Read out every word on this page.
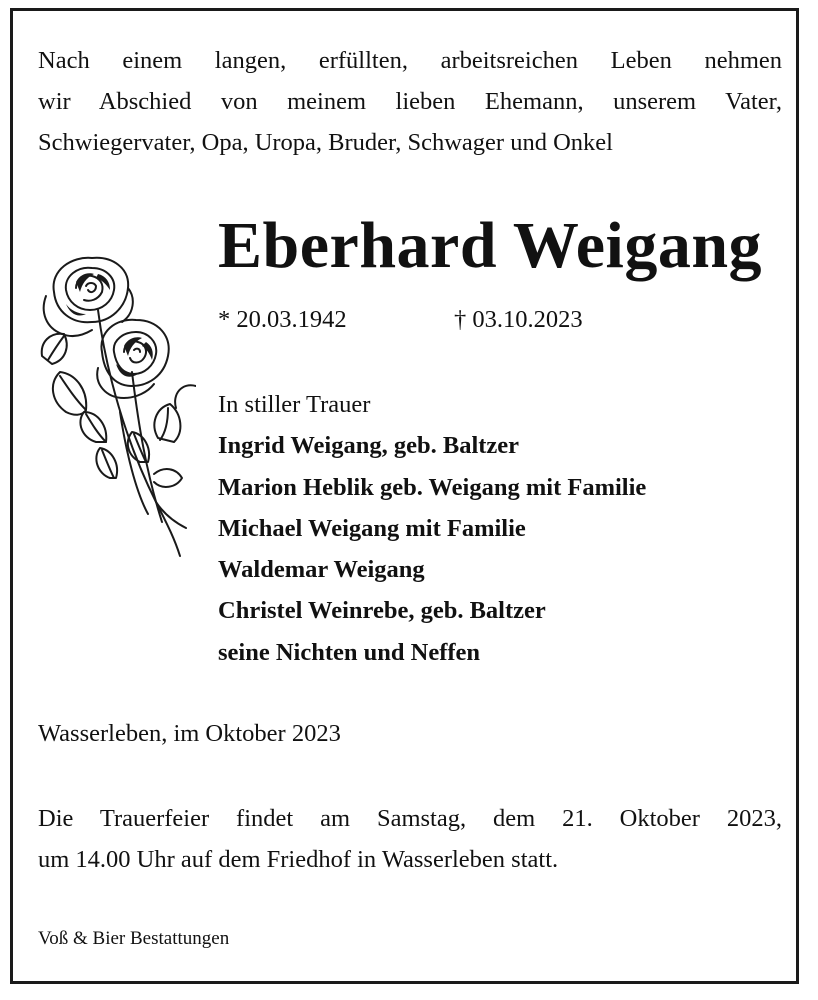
Nach einem langen, erfüllten, arbeitsreichen Leben nehmen
wir Abschied von meinem lieben Ehemann, unserem Vater,
Schwiegervater, Opa, Uropa, Bruder, Schwager und Onkel

Eberhard Weigang
* 20.03.1942	† 03.10.2023
In stiller Trauer
Ingrid Weigang, geb. Baltzer
Marion Heblik geb. Weigang mit Familie
Michael Weigang mit Familie
Waldemar Weigang
Christel Weinrebe, geb. Baltzer
seine Nichten und Neffen
Wasserleben, im Oktober 2023
Die Trauerfeier findet am Samstag, dem 21. Oktober 2023,
um 14.00 Uhr auf dem Friedhof in Wasserleben statt.
Voß & Bier Bestattungen
